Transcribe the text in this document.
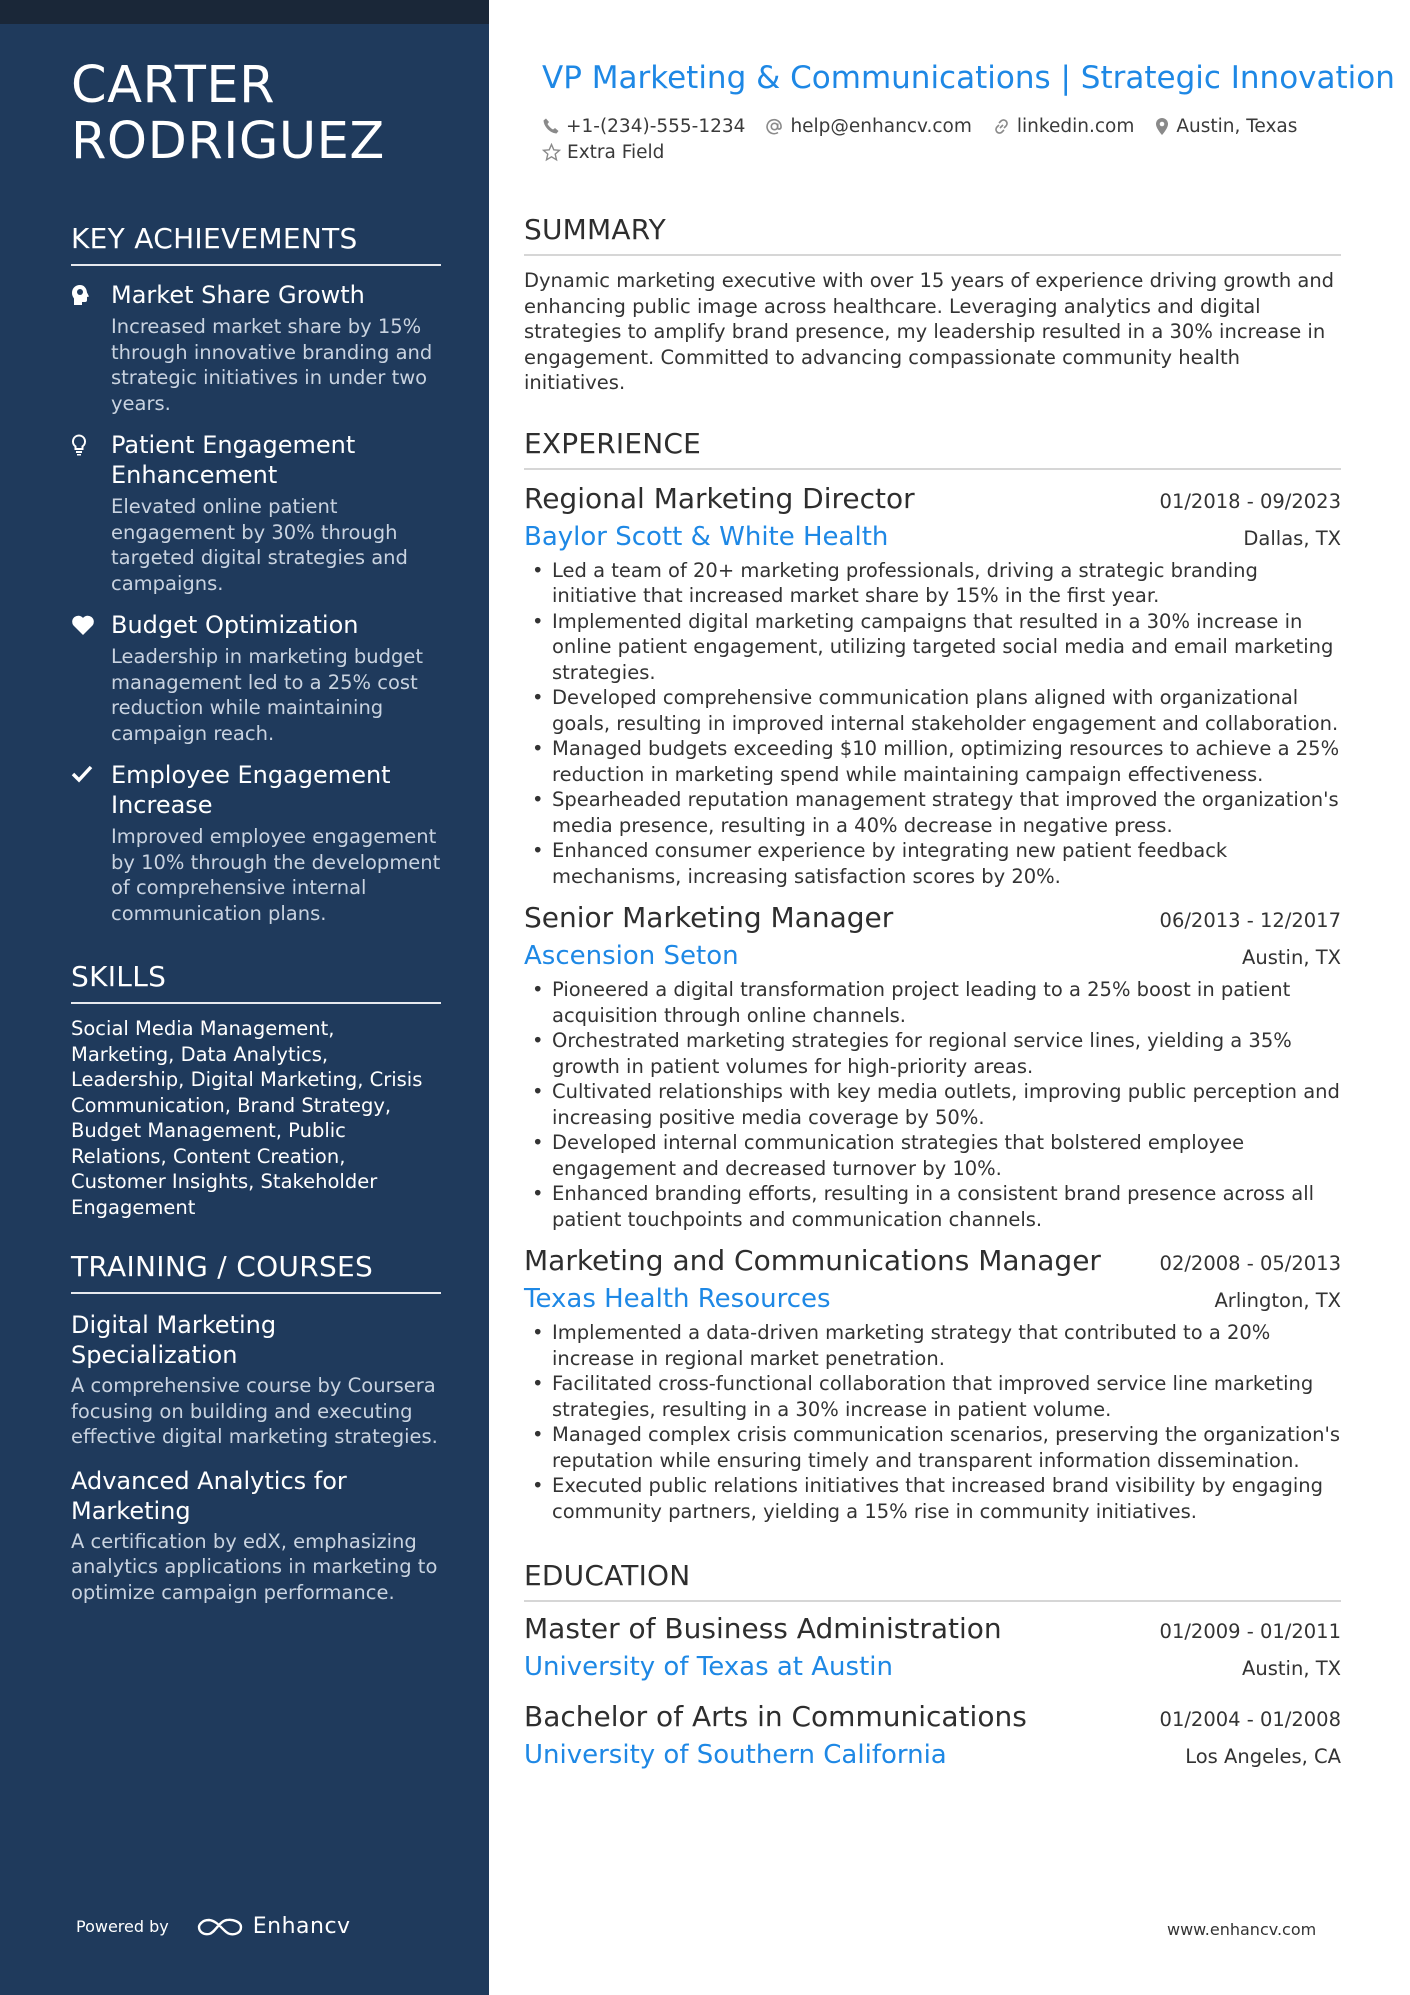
CARTER
RODRIGUEZ
KEY ACHIEVEMENTS
Market Share Growth
Increased market share by 15% through innovative branding and strategic initiatives in under two years.
Patient Engagement Enhancement
Elevated online patient engagement by 30% through targeted digital strategies and campaigns.
Budget Optimization
Leadership in marketing budget management led to a 25% cost reduction while maintaining campaign reach.
Employee Engagement Increase
Improved employee engagement by 10% through the development of comprehensive internal communication plans.
SKILLS
Social Media Management, Marketing, Data Analytics, Leadership, Digital Marketing, Crisis Communication, Brand Strategy, Budget Management, Public Relations, Content Creation, Customer Insights, Stakeholder Engagement
TRAINING / COURSES
Digital Marketing Specialization
A comprehensive course by Coursera focusing on building and executing effective digital marketing strategies.
Advanced Analytics for Marketing
A certification by edX, emphasizing analytics applications in marketing to optimize campaign performance.
Powered by	Enhancv
VP Marketing & Communications | Strategic Innovation
+1-(234)-555-1234 help@enhancv.com linkedin.com Austin, Texas
Extra Field
SUMMARY

Dynamic marketing executive with over 15 years of experience driving growth and enhancing public image across healthcare. Leveraging analytics and digital strategies to amplify brand presence, my leadership resulted in a 30% increase in engagement. Committed to advancing compassionate community health initiatives.

EXPERIENCE
Regional Marketing Director	01/2018 - 09/2023
Baylor Scott & White Health	Dallas, TX
• Led a team of 20+ marketing professionals, driving a strategic branding initiative that increased market share by 15% in the first year.
• Implemented digital marketing campaigns that resulted in a 30% increase in online patient engagement, utilizing targeted social media and email marketing strategies.
• Developed comprehensive communication plans aligned with organizational goals, resulting in improved internal stakeholder engagement and collaboration.
• Managed budgets exceeding $10 million, optimizing resources to achieve a 25% reduction in marketing spend while maintaining campaign effectiveness.
• Spearheaded reputation management strategy that improved the organization's media presence, resulting in a 40% decrease in negative press.
• Enhanced consumer experience by integrating new patient feedback mechanisms, increasing satisfaction scores by 20%.
Senior Marketing Manager	06/2013 - 12/2017
Ascension Seton	Austin, TX
• Pioneered a digital transformation project leading to a 25% boost in patient acquisition through online channels.
• Orchestrated marketing strategies for regional service lines, yielding a 35% growth in patient volumes for high-priority areas.
• Cultivated relationships with key media outlets, improving public perception and increasing positive media coverage by 50%.
• Developed internal communication strategies that bolstered employee engagement and decreased turnover by 10%.
• Enhanced branding efforts, resulting in a consistent brand presence across all patient touchpoints and communication channels.
Marketing and Communications Manager	02/2008 - 05/2013
Texas Health Resources	Arlington, TX
• Implemented a data-driven marketing strategy that contributed to a 20% increase in regional market penetration.
• Facilitated cross-functional collaboration that improved service line marketing strategies, resulting in a 30% increase in patient volume.
• Managed complex crisis communication scenarios, preserving the organization's reputation while ensuring timely and transparent information dissemination.
• Executed public relations initiatives that increased brand visibility by engaging community partners, yielding a 15% rise in community initiatives.
EDUCATION
Master of Business Administration	01/2009 - 01/2011
University of Texas at Austin	Austin, TX
Bachelor of Arts in Communications	01/2004 - 01/2008
University of Southern California	Los Angeles, CA
www.enhancv.com
